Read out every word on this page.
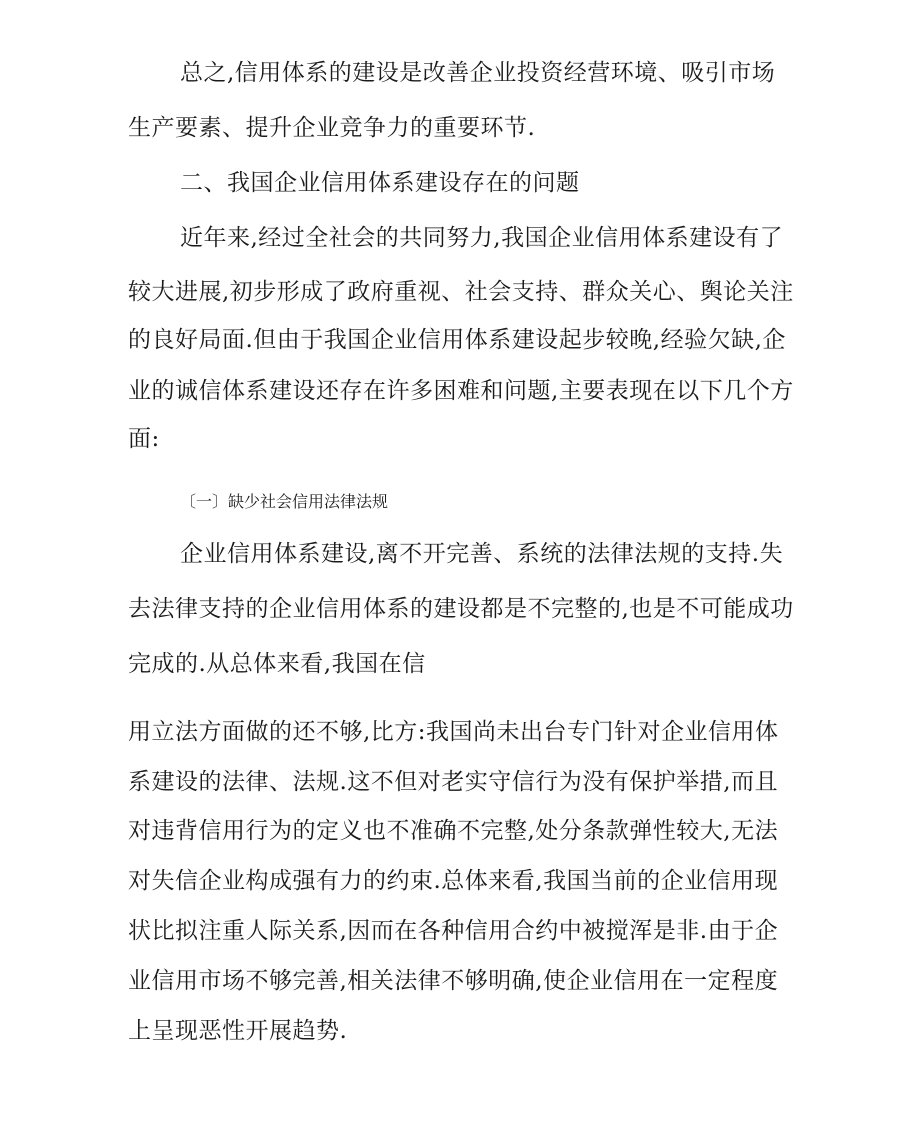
总之,信用体系的建设是改善企业投资经营环境、吸引市场
生产要素、提升企业竞争力的重要环节.
二、我国企业信用体系建设存在的问题
近年来,经过全社会的共同努力,我国企业信用体系建设有了
较大进展,初步形成了政府重视、社会支持、群众关心、舆论关注
的良好局面.但由于我国企业信用体系建设起步较晚,经验欠缺,企
业的诚信体系建设还存在许多困难和问题,主要表现在以下几个方
面:
〔一〕缺少社会信用法律法规
企业信用体系建设,离不开完善、系统的法律法规的支持.失
去法律支持的企业信用体系的建设都是不完整的,也是不可能成功
完成的.从总体来看,我国在信
用立法方面做的还不够,比方:我国尚未出台专门针对企业信用体
系建设的法律、法规.这不但对老实守信行为没有保护举措,而且
对违背信用行为的定义也不准确不完整,处分条款弹性较大,无法
对失信企业构成强有力的约束.总体来看,我国当前的企业信用现
状比拟注重人际关系,因而在各种信用合约中被搅浑是非.由于企
业信用市场不够完善,相关法律不够明确,使企业信用在一定程度
上呈现恶性开展趋势.
